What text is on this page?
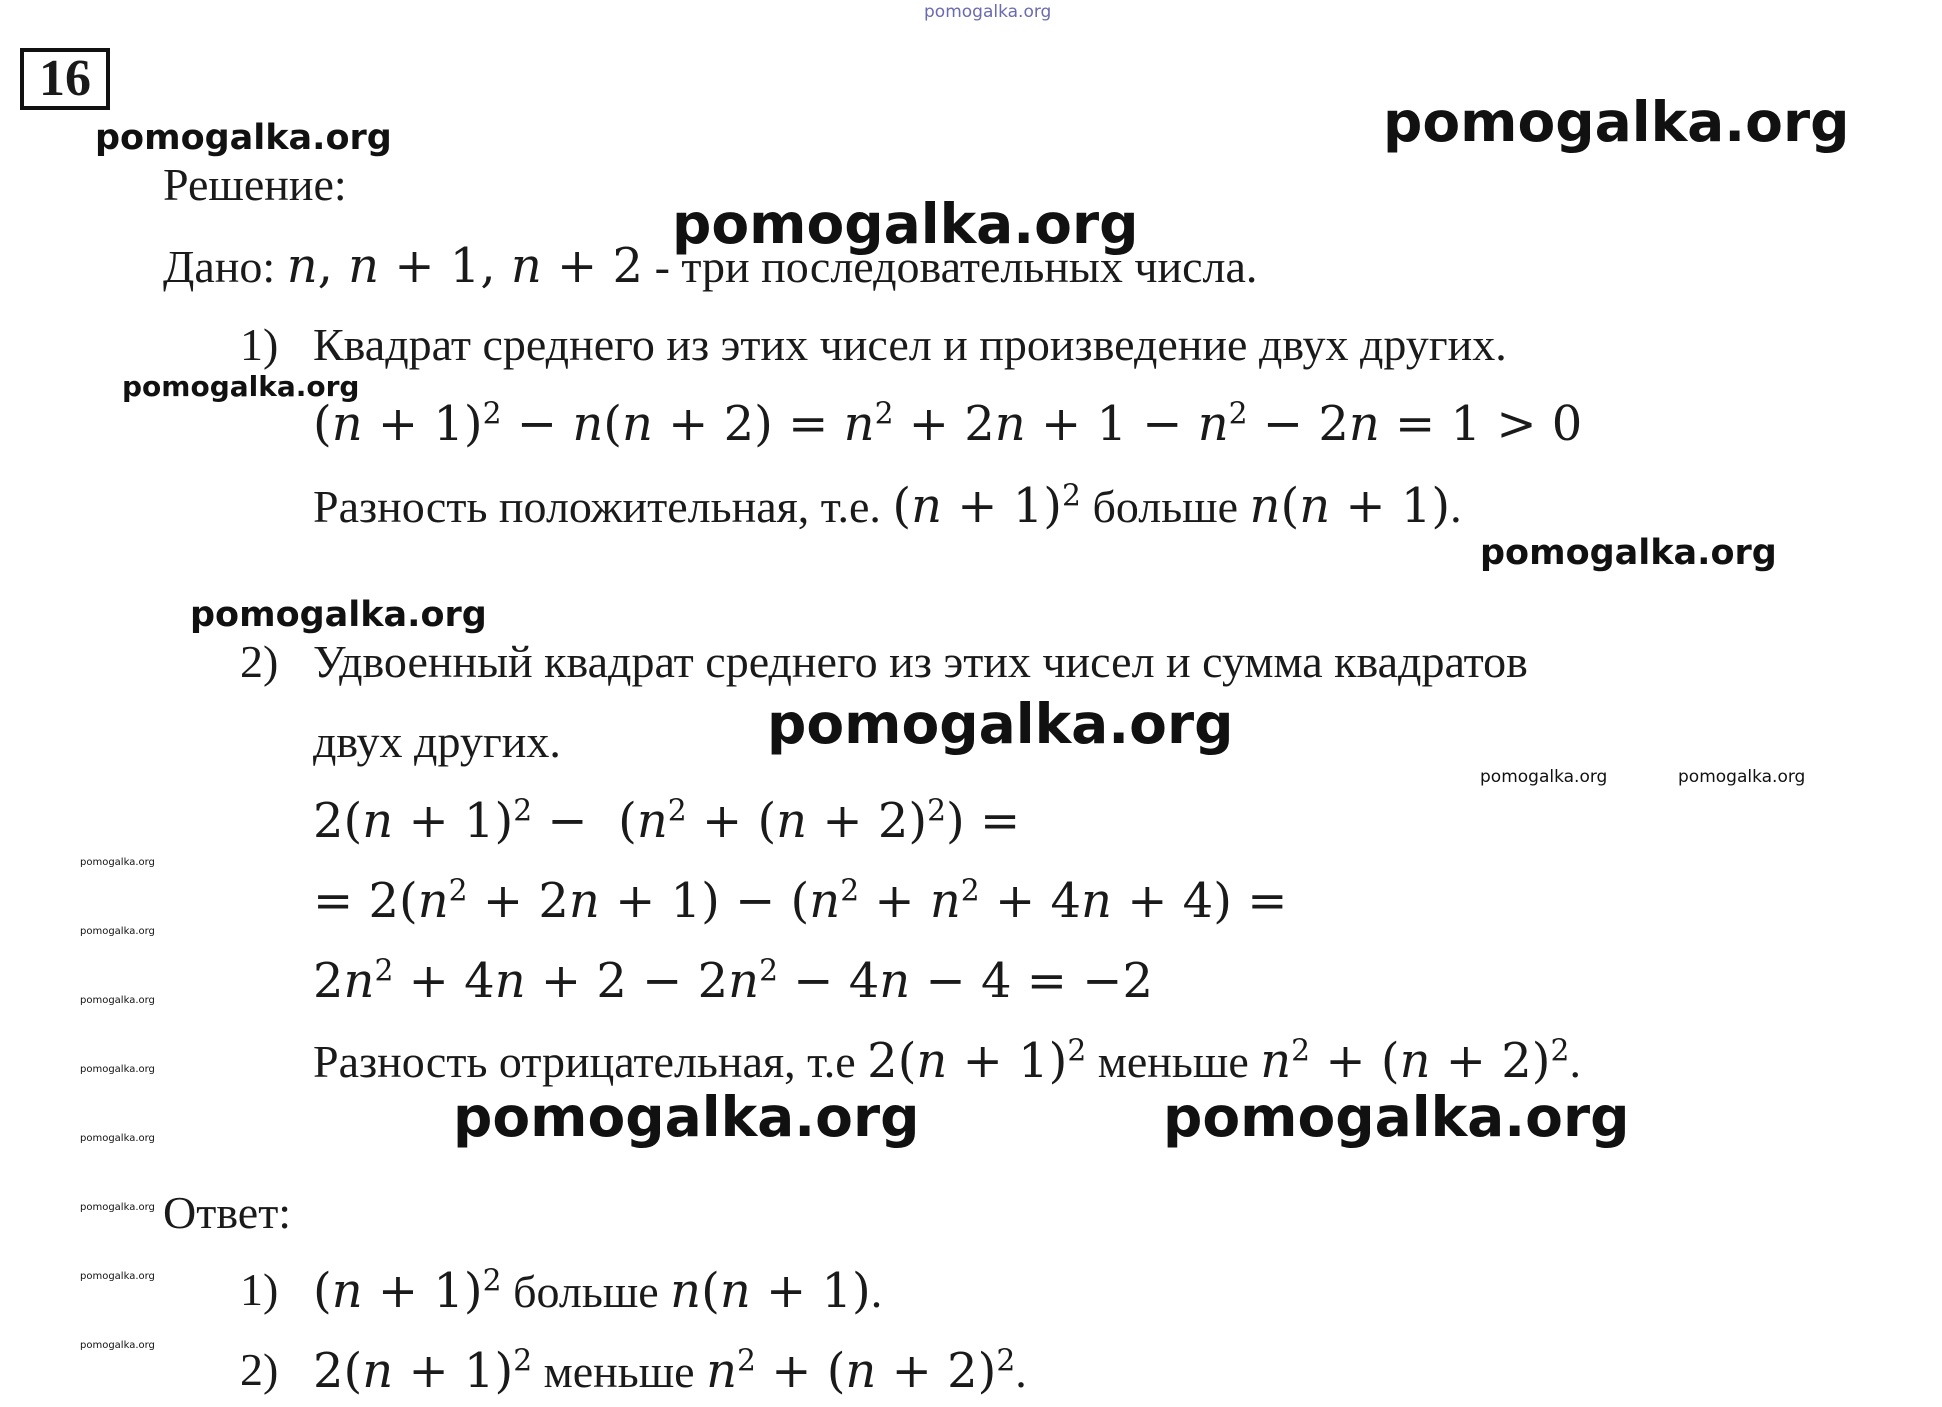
pomogalka.org
pomogalka.org	pomogalka.org
pomogalka.org
pomogalka.org
pomogalka.org
pomogalka.org
pomogalka.org
pomogalka.org	pomogalka.org
pomogalka.org
pomogalka.org
pomogalka.org
pomogalka.org
pomogalka.org
pomogalka.org
pomogalka.org
pomogalka.org
pomogalka.org	pomogalka.org
16
Решение:
Дано: n, n + 1, n + 2 - три последовательных числа.
1) Квадрат среднего из этих чисел и произведение двух других.
$(n + 1)^2 - n(n + 2) = n^2 + 2n + 1 - n^2 - 2n = 1 > 0$
Разность положительная, т.е. $(n + 1)^2$ больше n(n + 1).
2) Удвоенный квадрат среднего из этих чисел и сумма квадратов
двух других.
$2(n + 1)^2 - (n^2 + (n + 2)^2)$ =
= $2(n^2 + 2n + 1) - (n^2 + n^2 + 4n + 4)$ =
$2n^2 + 4n + 2 - 2n^2 - 4n - 4 = -2$
Разность отрицательная, т.е $2(n + 1)^2$ меньше $n^2 + (n + 2)^2$.
Ответ:
1) $(n + 1)^2$ больше n(n + 1).
2) $2(n + 1)^2$ меньше $n^2 + (n + 2)^2$.
